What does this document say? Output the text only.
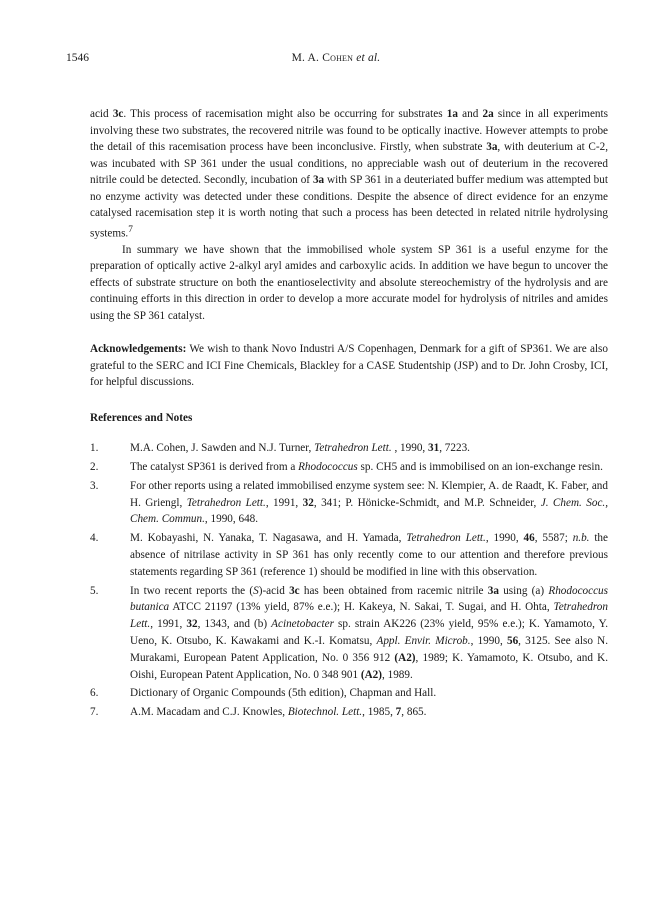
1546	M. A. Cohen et al.

acid 3c. This process of racemisation might also be occurring for substrates 1a and 2a since in all experiments involving these two substrates, the recovered nitrile was found to be optically inactive. However attempts to probe the detail of this racemisation process have been inconclusive. Firstly, when substrate 3a, with deuterium at C-2, was incubated with SP 361 under the usual conditions, no appreciable wash out of deuterium in the recovered nitrile could be detected. Secondly, incubation of 3a with SP 361 in a deuteriated buffer medium was attempted but no enzyme activity was detected under these conditions. Despite the absence of direct evidence for an enzyme catalysed racemisation step it is worth noting that such a process has been detected in related nitrile hydrolysing systems.$^7$

In summary we have shown that the immobilised whole system SP 361 is a useful enzyme for the preparation of optically active 2-alkyl aryl amides and carboxylic acids. In addition we have begun to uncover the effects of substrate structure on both the enantioselectivity and absolute stereochemistry of the hydrolysis and are continuing efforts in this direction in order to develop a more accurate model for hydrolysis of nitriles and amides using the SP 361 catalyst.

Acknowledgements: We wish to thank Novo Industri A/S Copenhagen, Denmark for a gift of SP361. We are also grateful to the SERC and ICI Fine Chemicals, Blackley for a CASE Studentship (JSP) and to Dr. John Crosby, ICI, for helpful discussions.

References and Notes
1.	M.A. Cohen, J. Sawden and N.J. Turner, Tetrahedron Lett. , 1990, 31, 7223.
2.	The catalyst SP361 is derived from a Rhodococcus sp. CH5 and is immobilised on an ion-exchange resin.
3.	For other reports using a related immobilised enzyme system see: N. Klempier, A. de Raadt, K. Faber, and H. Griengl, Tetrahedron Lett., 1991, 32, 341; P. Hönicke-Schmidt, and M.P. Schneider, J. Chem. Soc., Chem. Commun., 1990, 648.
4.	M. Kobayashi, N. Yanaka, T. Nagasawa, and H. Yamada, Tetrahedron Lett., 1990, 46, 5587; n.b. the absence of nitrilase activity in SP 361 has only recently come to our attention and therefore previous statements regarding SP 361 (reference 1) should be modified in line with this observation.
5.	In two recent reports the (S)-acid 3c has been obtained from racemic nitrile 3a using (a) Rhodococcus butanica ATCC 21197 (13% yield, 87% e.e.); H. Kakeya, N. Sakai, T. Sugai, and H. Ohta, Tetrahedron Lett., 1991, 32, 1343, and (b) Acinetobacter sp. strain AK226 (23% yield, 95% e.e.); K. Yamamoto, Y. Ueno, K. Otsubo, K. Kawakami and K.-I. Komatsu, Appl. Envir. Microb., 1990, 56, 3125. See also N. Murakami, European Patent Application, No. 0 356 912 (A2), 1989; K. Yamamoto, K. Otsubo, and K. Oishi, European Patent Application, No. 0 348 901 (A2), 1989.
6.	Dictionary of Organic Compounds (5th edition), Chapman and Hall.
7.	A.M. Macadam and C.J. Knowles, Biotechnol. Lett., 1985, 7, 865.
